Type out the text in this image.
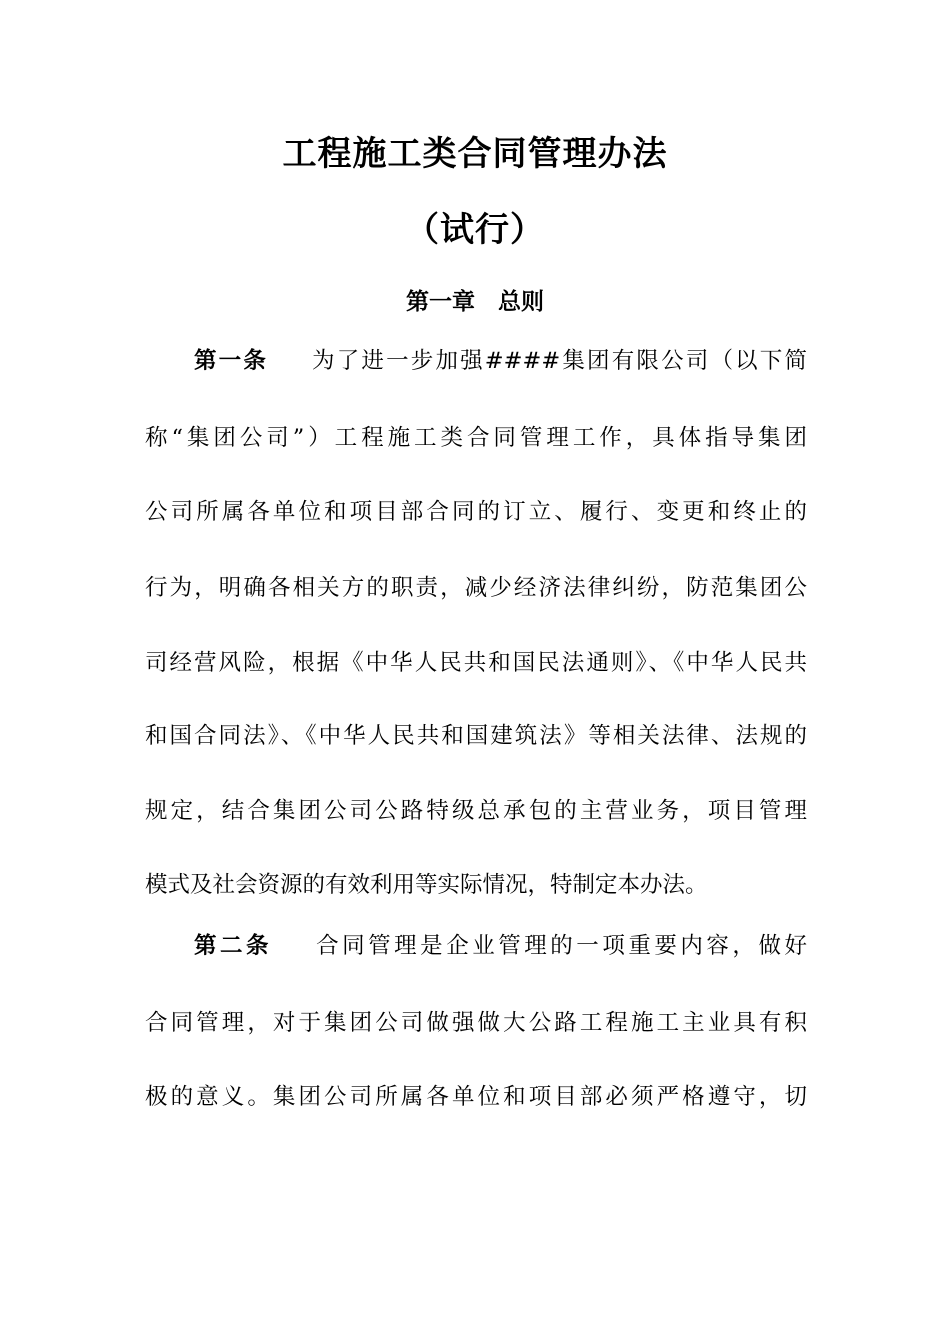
工程施工类合同管理办法
（试行）
第一章　总则
第一条 为了进一步加强####集团有限公司（以下简
称“集团公司”）工程施工类合同管理工作，具体指导集团
公司所属各单位和项目部合同的订立、履行、变更和终止的
行为，明确各相关方的职责，减少经济法律纠纷，防范集团公
司经营风险，根据《中华人民共和国民法通则》、《中华人民共
和国合同法》、《中华人民共和国建筑法》等相关法律、法规的
规定，结合集团公司公路特级总承包的主营业务，项目管理
模式及社会资源的有效利用等实际情况，特制定本办法。
第二条 合同管理是企业管理的一项重要内容，做好
合同管理，对于集团公司做强做大公路工程施工主业具有积
极的意义。集团公司所属各单位和项目部必须严格遵守，切
